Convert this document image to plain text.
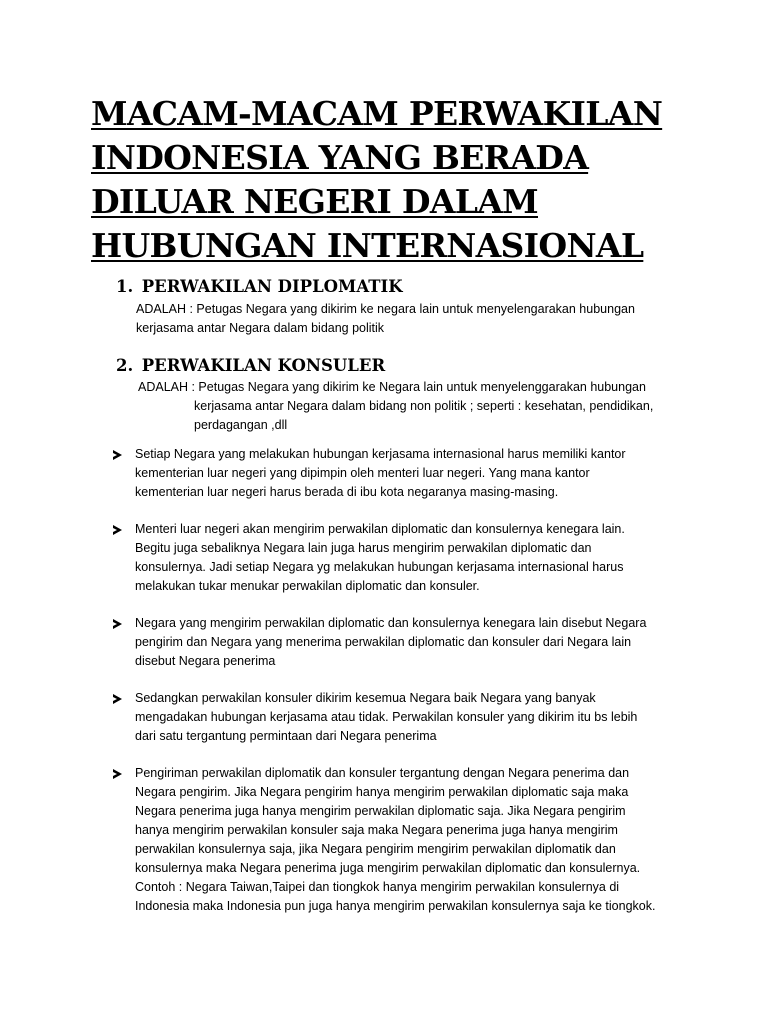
MACAM-MACAM PERWAKILAN
INDONESIA YANG BERADA
DILUAR NEGERI DALAM
HUBUNGAN INTERNASIONAL
1. PERWAKILAN DIPLOMATIK
ADALAH : Petugas Negara yang dikirim ke negara lain untuk menyelengarakan hubungan
kerjasama antar Negara dalam bidang politik
2. PERWAKILAN KONSULER
ADALAH : Petugas Negara yang dikirim ke Negara lain untuk menyelenggarakan hubungan
kerjasama antar Negara dalam bidang non politik ; seperti : kesehatan, pendidikan,
perdagangan ,dll
Setiap Negara yang melakukan hubungan kerjasama internasional harus memiliki kantor
kementerian luar negeri yang dipimpin oleh menteri luar negeri. Yang mana kantor
kementerian luar negeri harus berada di ibu kota negaranya masing-masing.
Menteri luar negeri akan mengirim perwakilan diplomatic dan konsulernya kenegara lain.
Begitu juga sebaliknya Negara lain juga harus mengirim perwakilan diplomatic dan
konsulernya. Jadi setiap Negara yg melakukan hubungan kerjasama internasional harus
melakukan tukar menukar perwakilan diplomatic dan konsuler.
Negara yang mengirim perwakilan diplomatic dan konsulernya kenegara lain disebut Negara
pengirim dan Negara yang menerima perwakilan diplomatic dan konsuler dari Negara lain
disebut Negara penerima
Sedangkan perwakilan konsuler dikirim kesemua Negara baik Negara yang banyak
mengadakan hubungan kerjasama atau tidak. Perwakilan konsuler yang dikirim itu bs lebih
dari satu tergantung permintaan dari Negara penerima
Pengiriman perwakilan diplomatik dan konsuler tergantung dengan Negara penerima dan
Negara pengirim. Jika Negara pengirim hanya mengirim perwakilan diplomatic saja maka
Negara penerima juga hanya mengirim perwakilan diplomatic saja. Jika Negara pengirim
hanya mengirim perwakilan konsuler saja maka Negara penerima juga hanya mengirim
perwakilan konsulernya saja, jika Negara pengirim mengirim perwakilan diplomatik dan
konsulernya maka Negara penerima juga mengirim perwakilan diplomatic dan konsulernya.
Contoh : Negara Taiwan,Taipei dan tiongkok hanya mengirim perwakilan konsulernya di
Indonesia maka Indonesia pun juga hanya mengirim perwakilan konsulernya saja ke tiongkok.
